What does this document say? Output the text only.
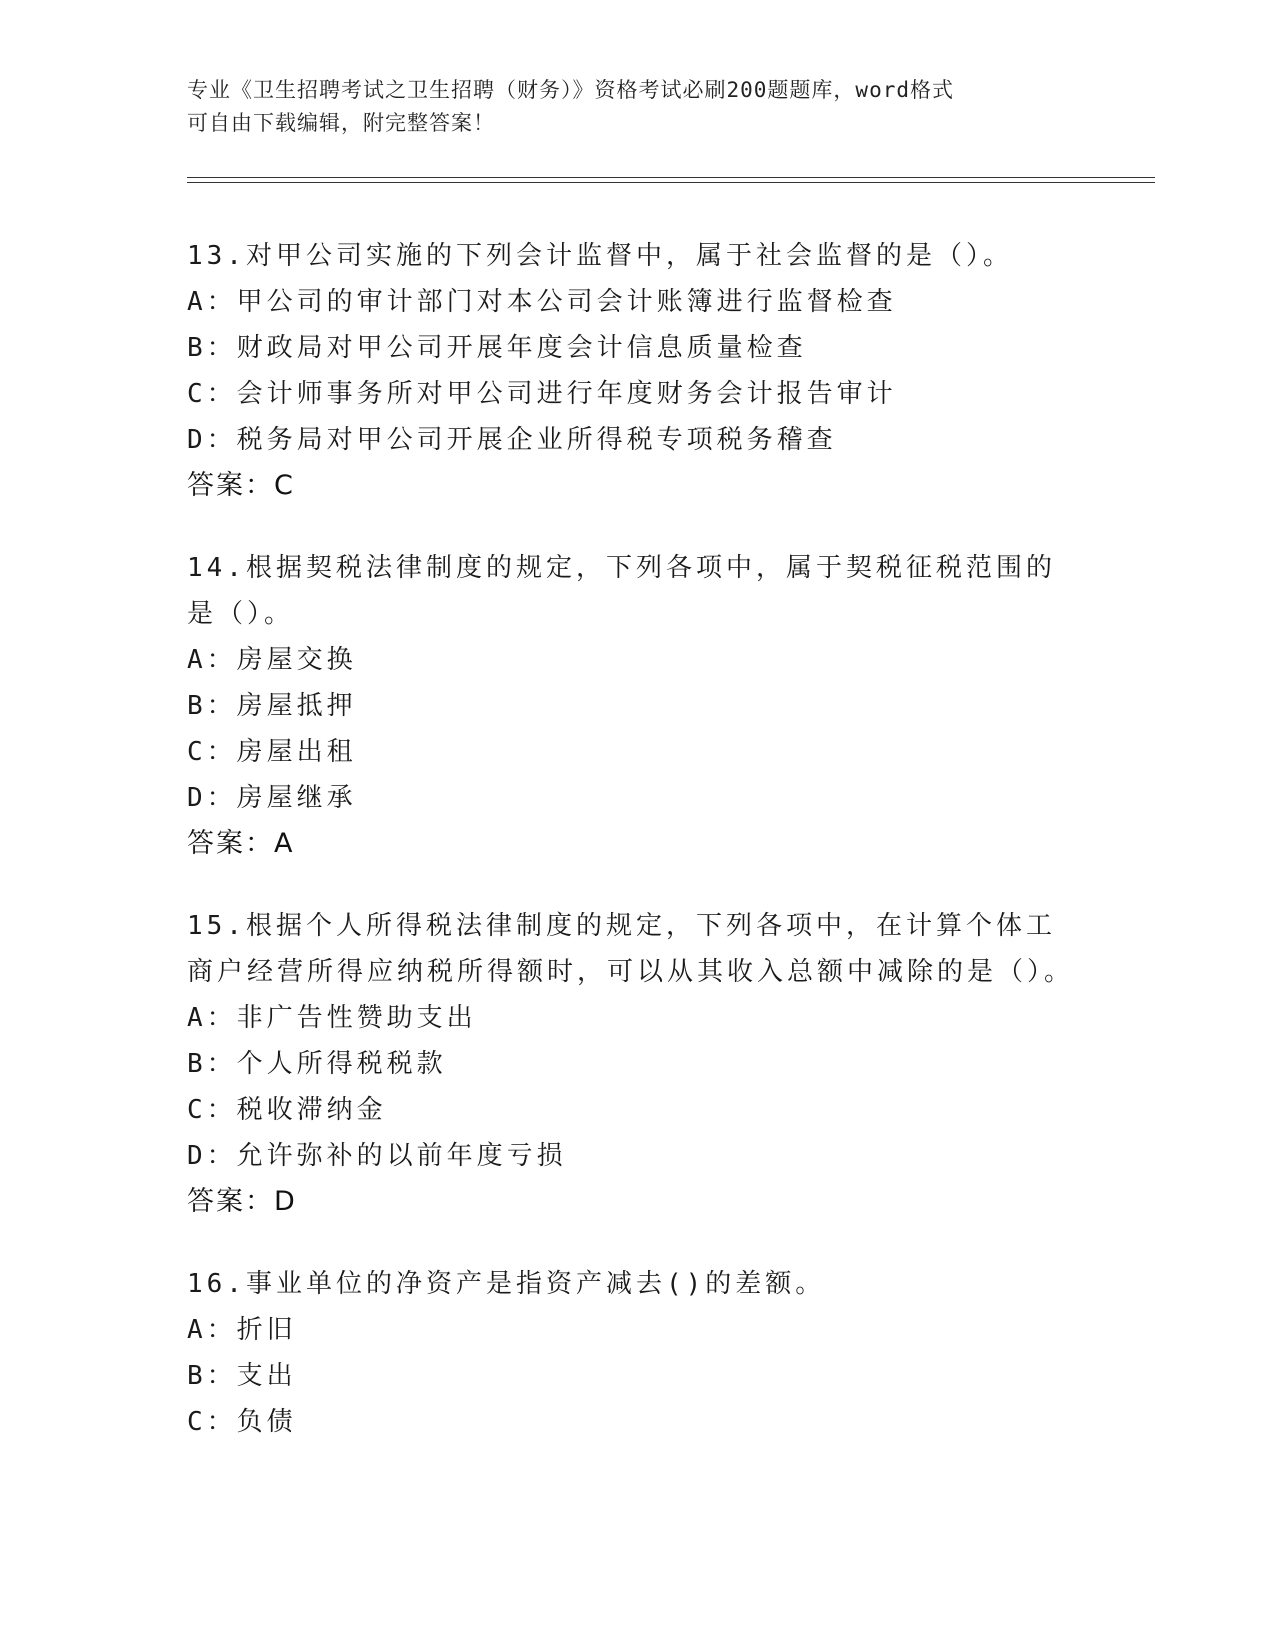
专业《卫生招聘考试之卫生招聘（财务）》资格考试必刷200题题库，word格式
可自由下载编辑，附完整答案！

13.对甲公司实施的下列会计监督中，属于社会监督的是（）。

A：甲公司的审计部门对本公司会计账簿进行监督检查

B：财政局对甲公司开展年度会计信息质量检查

C：会计师事务所对甲公司进行年度财务会计报告审计

D：税务局对甲公司开展企业所得税专项税务稽查

答案：C

14.根据契税法律制度的规定，下列各项中，属于契税征税范围的是（）。

A：房屋交换

B：房屋抵押

C：房屋出租

D：房屋继承

答案：A

15.根据个人所得税法律制度的规定，下列各项中，在计算个体工商户经营所得应纳税所得额时，可以从其收入总额中减除的是（）。

A：非广告性赞助支出

B：个人所得税税款

C：税收滞纳金

D：允许弥补的以前年度亏损

答案：D

16.事业单位的净资产是指资产减去()的差额。

A：折旧

B：支出

C：负债
